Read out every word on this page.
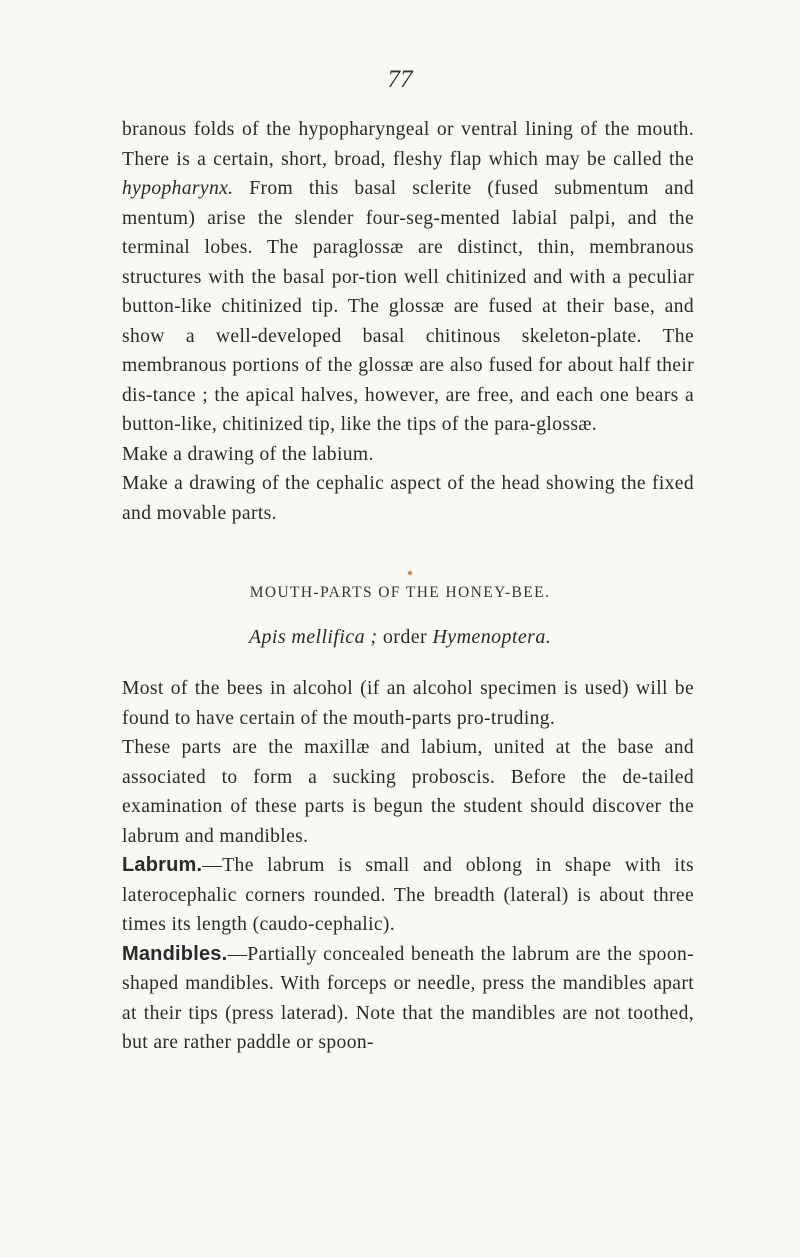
77

branous folds of the hypopharyngeal or ventral lining of the mouth. There is a certain, short, broad, fleshy flap which may be called the hypopharynx. From this basal sclerite (fused submentum and mentum) arise the slender four-seg-mented labial palpi, and the terminal lobes. The paraglossæ are distinct, thin, membranous structures with the basal por-tion well chitinized and with a peculiar button-like chitinized tip. The glossæ are fused at their base, and show a well-developed basal chitinous skeleton-plate. The membranous portions of the glossæ are also fused for about half their dis-tance ; the apical halves, however, are free, and each one bears a button-like, chitinized tip, like the tips of the para-glossæ.

Make a drawing of the labium.

Make a drawing of the cephalic aspect of the head showing the fixed and movable parts.

MOUTH-PARTS OF THE HONEY-BEE.
Apis mellifica ; order Hymenoptera.

Most of the bees in alcohol (if an alcohol specimen is used) will be found to have certain of the mouth-parts pro-truding.

These parts are the maxillæ and labium, united at the base and associated to form a sucking proboscis. Before the de-tailed examination of these parts is begun the student should discover the labrum and mandibles.

Labrum.—The labrum is small and oblong in shape with its laterocephalic corners rounded. The breadth (lateral) is about three times its length (caudo-cephalic).

Mandibles.—Partially concealed beneath the labrum are the spoon-shaped mandibles. With forceps or needle, press the mandibles apart at their tips (press laterad). Note that the mandibles are not toothed, but are rather paddle or spoon-
